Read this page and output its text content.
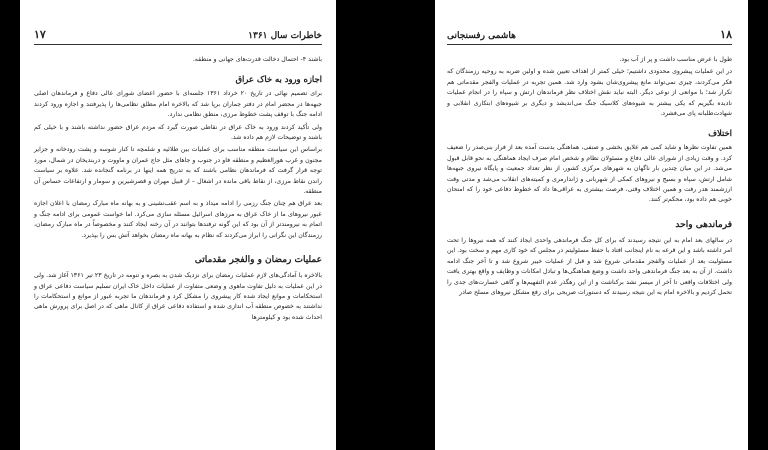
خاطرات سال ۱۳۶۱
۱۷

باشند ۴- احتمال دخالت قدرت‌های جهانی و منطقه.

اجازه ورود به خاک عراق

برای تصمیم نهائی در تاریخ ۲۰ خرداد ۱۳۶۱ جلسه‌ای با حضور اعضای شورای عالی دفاع و فرماندهان اصلی جبهه‌ها در محضر امام در دفتر جماران برپا شد که بالاخره امام مطلق نظامی‌ها را پذیرفتند و اجازه ورود کردند ادامه جنگ با توقف پشت خطوط مرزی، منطق نظامی ندارد.

ولی تأکید کردند ورود به خاک عراق در نقاطی صورت گیرد که مردم عراق حضور نداشته باشند و با خیلی کم باشند و توضیحات لازم هم داده شد.

براساس این سیاست منطقه مناسب برای عملیات بین طلائیه و شلمچه تا کنار شوسه و پشت رودخانه و جزایر مجنون و غرب هورالعظیم و منطقه فاو در جنوب و جاهای مثل حاج عمران و ماووت و دربندیخان در شمال، مورد توجه قرار گرفت که فرماندهان نظامی باشند که به تدریج همه اینها در برنامه گنجانده شد. علاوه بر سیاست راندن نقاط مرزی، از نقاط باقی مانده در اشغال – از قبیل مهران و قصرشیرین و سومار و ارتفاعات حساس آن منطقه.

بعد عراق هم چنان جنگ رزمی را ادامه میداد و به اسم عقب‌نشینی و به بهانه ماه مبارک رمضان با اعلان اجازه عبور نیروهای ما از خاک عراق به مرزهای اسرائیل مسئله سازی می‌کرد. اما خواست عمومی برای ادامه جنگ و اتمام به نیرومندتر از آن بود که این گونه ترفندها بتوانند در آن رخنه ایجاد کنند و مخصوصاً در ماه مبارک رمضان، رزمندگان این نگرانی را ابراز می‌کردند که نظام به بهانه ماه رمضان بخواهد آتش بس را بپذیرد.

عملیات رمضان و والفجر مقدماتی

بالاخره با آمادگی‌های لازم عملیات رمضان برای نزدیک شدن به بصره و تنومه در تاریخ ۲۳ تیر ۱۳۶۱ آغاز شد. ولی در این عملیات به دلیل تفاوت ماهوی و وضعی متفاوت از عملیات داخل خاک ایران تسلیم سیاست دفاعی عراق و استحکامات و موانع ایجاد شده کار پیشروی را مشکل کرد و فرماندهان ما تجربه عبور از موانع و استحکامات را نداشتند به خصوص منطقه آب اندازی شده و استفاده دفاعی عراق از کانال ماهی که در اصل برای پرورش ماهی احداث شده بود و کیلومترها

۱۸
هاشمی رفسنجانی

طول با عرض مناسب داشت و پر از آب بود.

در این عملیات پیشروی محدودی داشتیم؛ خیلی کمتر از اهداف تعیین شده و اولین ضربه به روحیه رزمندگان که فکر می‌کردند، چیزی نمی‌تواند مانع پیشروی‌شان بشود وارد شد. همین تجربه در عملیات والفجر مقدماتی هم تکرار شد؛ با موانعی از نوعی دیگر. البته نباید نقش اختلاف نظر فرماندهان ارتش و سپاه را در انجام عملیات نادیده بگیریم که یکی بیشتر به شیوه‌های کلاسیک جنگ می‌اندیشد و دیگری بر شیوه‌های ابتکاری انقلابی و شهادت‌طلبانه پای می‌فشرد.

اختلاف

همین تفاوت نظرها و شاید کمی هم علایق بخشی و صنفی، هماهنگی بدست آمده بعد از فرار بنی‌صدر را ضعیف کرد. و وقت زیادی از شورای عالی دفاع و مسئولان نظام و شخص امام صرف ایجاد هماهنگی به نحو قابل قبول می‌شد. در این میان چندین بار ناگهان به شهرهای مرکزی کشور، از نظر تعداد جمعیت و پایگاه نیروی جبهه‌ها شامل ارتش، سپاه و بسیج و نیروهای کمکی از شهربانی و ژاندارمری و کمیته‌های انقلاب می‌شد و مدتی وقت ارزشمند هدر رفت و همین اختلاف وقتی، فرصت بیشتری به عراقی‌ها داد که خطوط دفاعی خود را که امتحان خوبی هم داده بود، محکم‌تر کنند.

فرماندهی واحد

در سالهای بعد امام به این نتیجه رسیدند که برای کل جنگ فرماندهی واحدی ایجاد کنند که همه نیروها را تحت امر داشته باشد و این قرعه به نام اینجانب افتاد با حفظ مسئولیتم در مجلس که خود کاری مهم و سخت بود. این مسئولیت بعد از عملیات والفجر مقدماتی شروع شد و قبل از عملیات خیبر شروع شد و تا آخر جنگ ادامه داشت. از آن به بعد جنگ فرماندهی واحد داشت و وضع هماهنگی‌ها و تبادل امکانات و وظایف و واقع بهتری یافت ولی اختلافات واقعی تا آخر از میسر نشد برکناشت و از این رهگذر عدم التفهیم‌ها و گاهی خسارت‌های جدی را تحمل کردیم و بالاخره امام به این نتیجه رسیدند که دستورات صریحی برای رفع مشکل نیروهای مسلح صادر
